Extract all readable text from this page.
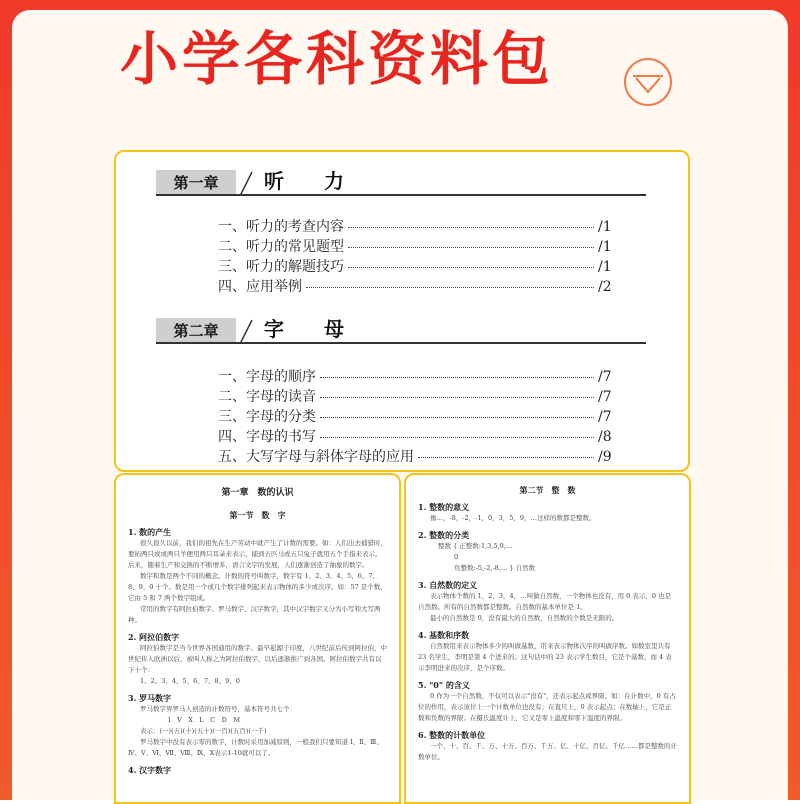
小学各科资料包
第一章	听力
一、听力的考查内容	/1
二、听力的常见题型	/1
三、听力的解题技巧	/1
四、应用举例	/2
第二章	字母
一、字母的顺序	/7
二、字母的读音	/7
三、字母的分类	/7
四、字母的书写	/8
五、大写字母与斜体字母的应用	/9
第一章　数的认识
第一节　数　字
1. 数的产生
很久很久以前，我们的祖先在生产劳动中就产生了计数的需要。如：人们出去捕猎时，要拓两只或或两只羊便用两只耳朵来表示，捕到五匹马或五只兔子就用五个手指来表示。后来，随着生产和交换的不断增多，语言文字的发展，人们逐渐创造了抽象的数字。
数字和数是两个不同的概念。计数的符号叫数字，数字有 1、2、3、4、5、6、7、8、9、0 十个。数是用一个或几个数字排列起来表示物体的多少或次序。如：57 是个数，它由 5 和 7 两个数字组成。
常用的数字有阿拉伯数字、罗马数字、汉字数字，其中汉字数字又分为小写和大写两种。
2. 阿拉伯数字
阿拉伯数字是当今世界各国通用的数字。最早起源于印度，八世纪前后传到阿拉伯，中世纪传入欧洲以后，被叫人称之为阿拉伯数字，以后逐渐推广到各国。阿拉伯数字共有以下十个：
1、2、3、4、5、6、7、8、9、0
3. 罗马数字
罗马数字界罗马人创造的计数符号，基本符号共七个：
I　V　X　L　C　D　M
表示：(一)(五)(十)(五十)(一百)(五百)(一千)
罗马数字中没有表示零的数字，计数时采用加减原则，一般我们只要知道 Ⅰ、Ⅱ、Ⅲ、Ⅳ、Ⅴ、Ⅵ、Ⅶ、Ⅷ、Ⅸ、Ⅹ表示1-10就可以了。
4. 汉字数字
第二节　整　数
1. 整数的意义
像…，-8，-2，-1，0，3，5，9，…这样的数都是整数。
2. 整数的分类
整数 { 正整数:1,3,5,9,…
0
负整数:-5,-2,-8,… } 自然数
3. 自然数的定义
表示物体个数的 1，2，3，4，…叫做自然数，一个物体也没有，用 0 表示，0 也是自然数。所有的自然数都是整数。自然数的基本单位是 1。
最小的自然数是 0，没有最大的自然数，自然数的个数是无限的。
4. 基数和序数
自然数用来表示物体多少的叫做基数，用来表示物体次序的叫做序数。如数室里共有 23 名学生，李明是第 4 个进来的。这句话中的 23 表示学生数目，它是个基数，而 4 表示李明进来的次序，是个序数。
5. "0" 的含义
0 作为一个自然数，不仅可以表示"没有"，还表示起点或界限。如：在计数中，0 有占位的作用，表示该位上一个计数单位也没有；在直尺上，0 表示起点；在数轴上，它是正数和负数的界限；在摄氏温度计上，它又是零上温度和零下温度的界限。
6. 整数的计数单位
一个、十、百、千、万、十万、百万、千万、亿、十亿、百亿、千亿……都是整数的计数单位。
